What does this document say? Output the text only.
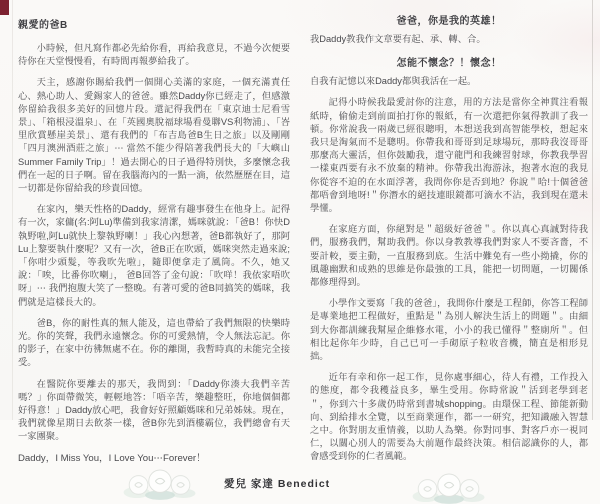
親愛的爸B

小時候，但凡寫作都必先給你看，再給我意見，不過今次便要待你在天堂慢慢看，有時間再報夢給我了。

天主，感謝你賜給我們一個開心美滿的家庭，一個充滿責任心、熱心助人、愛錫家人的爸爸。雖然Daddy你已經走了，但感激你留給我很多美好的回憶片段。還記得我們在「東京迪士尼看雪景」、「箱根浸溫泉」、在「英國奧脫福球場看曼聯VS利物浦」、「峇里欣賞懸崖美景」、還有我們的「布吉島爸B生日之旅」以及剛剛「四月澳洲酒莊之旅」⋯ 當然不能少得陪著我們長大的「大嶼山Summer Family Trip」！過去開心的日子過得特別快，多麼懷念我們在一起的日子啊。留在我腦海內的一點一滴，依然歷歷在目，這一切都是你留給我的珍貴回憶。

在家內，樂天性格的Daddy，經常有趣事發生在他身上。記得有一次，家傭(名:阿Lu)準備到我家清潔，媽咪就說：「爸B！你快D執野啦,阿Lu就快上黎執野喇！」我心內想著，爸B都執好了，那阿Lu上黎要執什麼呢？又有一次，爸B正在吹頭，媽咪突然走過來說;「你咁少頭髮，等我吹先啦」，隨即便拿走了風筒。不久，她又說：「唉，比番你吹喇」， 爸B回答了金句說：「吹咩！我依家唔吹呀」⋯ 我們抱腹大笑了一整晚。有著可愛的爸B同搞笑的媽咪，我們就是這樣長大的。

爸B，你的耐性真的無人能及，這也帶給了我們無限的快樂時光。你的笑聲，我們永遠懷念。你的可愛熱情，令人無法忘記。你的影子，在家中彷彿無處不在。你的離開，我暫時真的未能完全接受。

在醫院你要離去的那天，我問到：「Daddy你湊大我們辛苦嗎？」你面帶微笑，輕輕地答：「唔辛苦，樂趣整旺，你地個個都好得意！」Daddy放心吧，我會好好照顧媽咪和兄弟姊妹。現在，我們就像星期日去飲茶一樣，爸B你先到酒樓霸位，我們總會有天一家團聚。

Daddy，I Miss You，I Love You⋯Forever！

愛兒 家達 Benedict

爸爸，你是我的英雄！

我Daddy教我作文章要有起、承、轉、合。

怎能不懷念？！懷念！

自我有記憶以來Daddy都與我活在一起。

記得小時候我最愛討你的注意，用的方法是當你全神貫注看報紙時，偷偷走到前面拍打你的報紙，有一次還把你氣得教訓了我一頓。你常說我一兩歲已經很聰明，本想送我到高智能學校，想起來我只是淘氣而不是聰明。你帶我和哥哥到足球場玩，那時我沒哥哥那麼高大靈活，但你鼓勵我，還守龍門和我練習射球，你教我學習一樣東西要有永不放棄的精神。你帶我出海游泳，抱著水泡的我見你從容不迫的在水面浮著，我問你你是否到地？你說＂哈!十個爸爸都唔會到地呀!＂你潛水的絕技連眼鏡都可滴水不沾，我到現在還未學懂。

在家庭方面，你絕對是＂超級好爸爸＂。你以真心真誠對待我們，服務我們，幫助我們。你以身教教導我們對家人不要吝嗇，不要計較，要主動，一直服務到底。生活中難免有一些小拗撬，你的風趣幽默和成熟的思維是你最強的工具，能把一切問題，一切關係都修理得到。

小學作文要寫「我的爸爸」，我問你什麼是工程師，你答工程師是專業地把工程做好，重點是＂為別人解決生活上的問題＂。由細到大你都訓練我幫屋企維修水電，小小的我已懂得＂整廁所＂。但相比起你年少時，自己已可一手砌原子粒收音機，簡直是相形見拙。

近年有幸和你一起工作，見你處事細心，待人有禮，工作投入的態度，都令我穫益良多，畢生受用。你時常說＂活到老學到老＂，你到六十多歲仍時常到書城shopping。由環保工程、節能新動向、到給排水全覽，以至商業運作，都一一研究，把知識融入智慧之中。你對朋友重情義，以助人為樂。你對同事、對客戶亦一視同仁，以關心別人的需要為大前題作最終決策。相信認識你的人，都會感受到你的仁者風範。
